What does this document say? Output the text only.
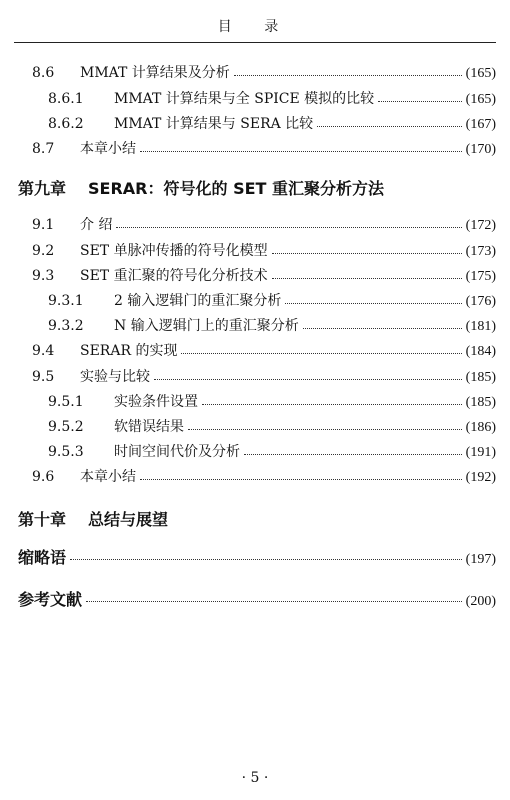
目 录
8.6	MMAT 计算结果及分析	(165)
8.6.1	MMAT 计算结果与全 SPICE 模拟的比较	(165)
8.6.2	MMAT 计算结果与 SERA 比较	(167)
8.7	本章小结	(170)
第九章 SERAR：符号化的 SET 重汇聚分析方法
9.1	介 绍	(172)
9.2	SET 单脉冲传播的符号化模型	(173)
9.3	SET 重汇聚的符号化分析技术	(175)
9.3.1	2 输入逻辑门的重汇聚分析	(176)
9.3.2	N 输入逻辑门上的重汇聚分析	(181)
9.4	SERAR 的实现	(184)
9.5	实验与比较	(185)
9.5.1	实验条件设置	(185)
9.5.2	软错误结果	(186)
9.5.3	时间空间代价及分析	(191)
9.6	本章小结	(192)
第十章 总结与展望
缩略语	(197)
参考文献	(200)
· 5 ·
